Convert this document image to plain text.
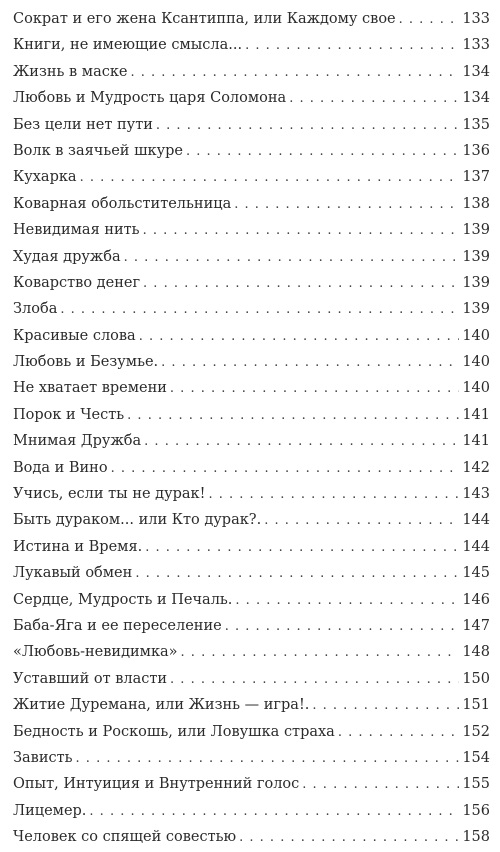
Сократ и его жена Ксантиппа, или Каждому свое . . .	133
Книги, не имеющие смысла... . . .	133
Жизнь в маске . . .	134
Любовь и Мудрость царя Соломона . . .	134
Без цели нет пути . . .	135
Волк в заячьей шкуре . . .	136
Кухарка . . .	137
Коварная обольстительница . . .	138
Невидимая нить . . .	139
Худая дружба . . .	139
Коварство денег . . .	139
Злоба . . .	139
Красивые слова . . .	140
Любовь и Безумье. . . .	140
Не хватает времени . . .	140
Порок и Честь . . .	141
Мнимая Дружба . . .	141
Вода и Вино . . .	142
Учись, если ты не дурак! . . .	143
Быть дураком... или Кто дурак?. . . .	144
Истина и Время. . . .	144
Лукавый обмен . . .	145
Сердце, Мудрость и Печаль. . . .	146
Баба-Яга и ее переселение . . .	147
«Любовь-невидимка» . . .	148
Уставший от власти . . .	150
Житие Дуремана, или Жизнь — игра!. . . .	151
Бедность и Роскошь, или Ловушка страха . . .	152
Зависть . . .	154
Опыт, Интуиция и Внутренний голос . . .	155
Лицемер. . . .	156
Человек со спящей совестью . . .	158
